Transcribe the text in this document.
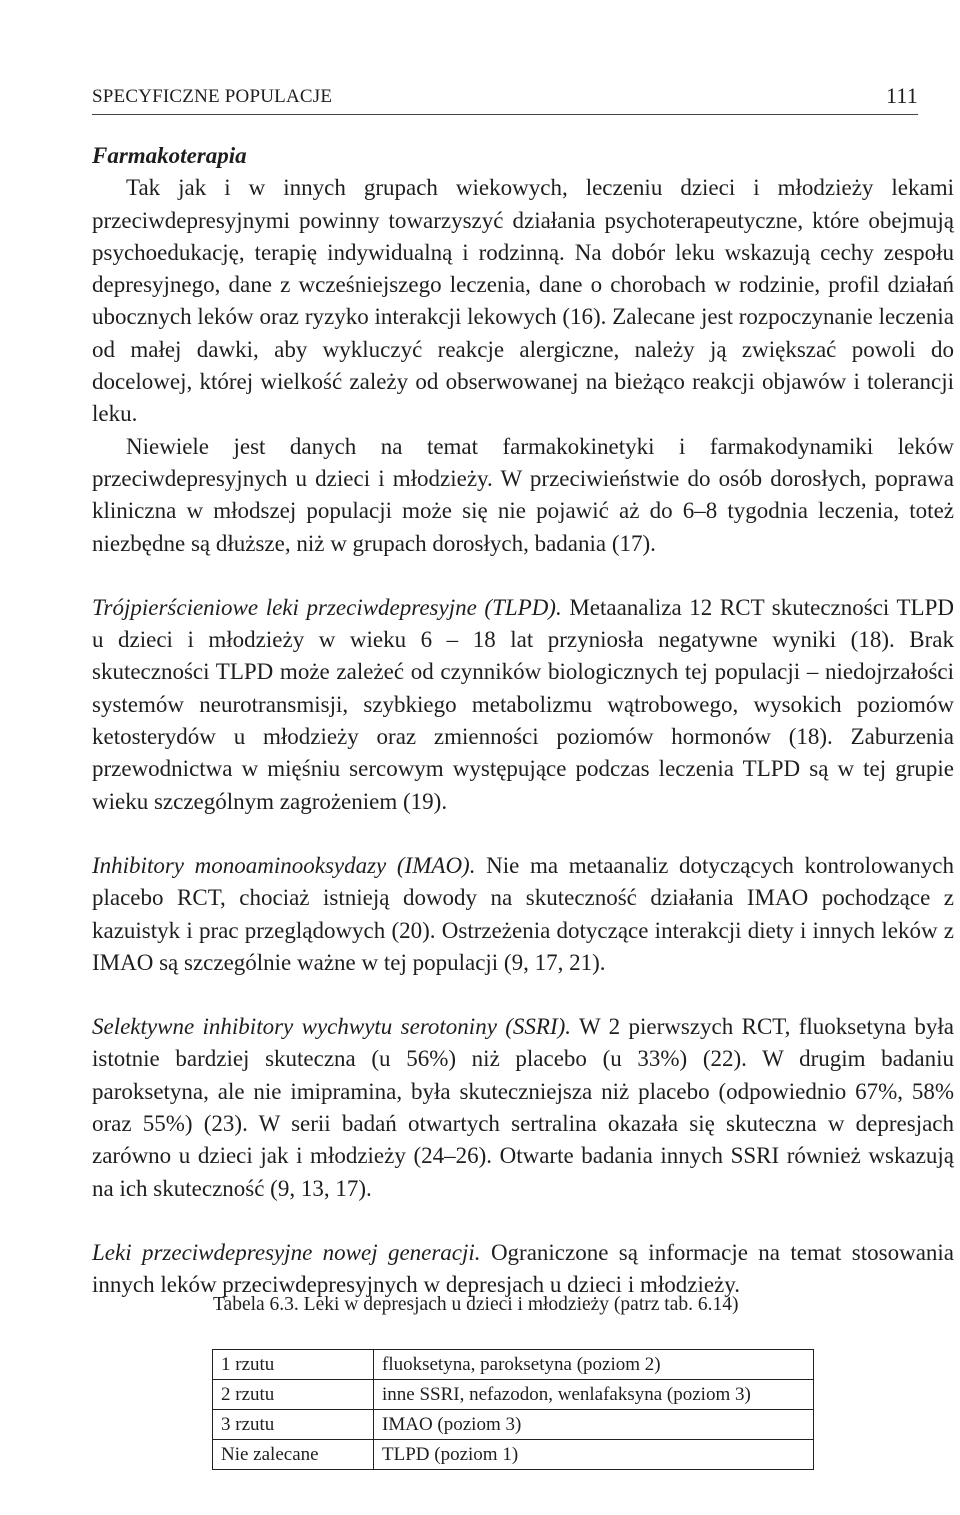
SPECYFICZNE POPULACJE	111

Farmakoterapia

Tak jak i w innych grupach wiekowych, leczeniu dzieci i młodzieży lekami przeciwdepresyjnymi powinny towarzyszyć działania psychoterapeutyczne, które obejmują psychoedukację, terapię indywidualną i rodzinną. Na dobór leku wskazują cechy zespołu depresyjnego, dane z wcześniejszego leczenia, dane o chorobach w rodzinie, profil działań ubocznych leków oraz ryzyko interakcji lekowych (16). Zalecane jest rozpoczynanie leczenia od małej dawki, aby wykluczyć reakcje alergiczne, należy ją zwiększać powoli do docelowej, której wielkość zależy od obserwowanej na bieżąco reakcji objawów i tolerancji leku.

Niewiele jest danych na temat farmakokinetyki i farmakodynamiki leków przeciwdepresyjnych u dzieci i młodzieży. W przeciwieństwie do osób dorosłych, poprawa kliniczna w młodszej populacji może się nie pojawić aż do 6–8 tygodnia leczenia, toteż niezbędne są dłuższe, niż w grupach dorosłych, badania (17).

Trójpierścieniowe leki przeciwdepresyjne (TLPD). Metaanaliza 12 RCT skuteczności TLPD u dzieci i młodzieży w wieku 6 – 18 lat przyniosła negatywne wyniki (18). Brak skuteczności TLPD może zależeć od czynników biologicznych tej populacji – niedojrzałości systemów neurotransmisji, szybkiego metabolizmu wątrobowego, wysokich poziomów ketosterydów u młodzieży oraz zmienności poziomów hormonów (18). Zaburzenia przewodnictwa w mięśniu sercowym występujące podczas leczenia TLPD są w tej grupie wieku szczególnym zagrożeniem (19).

Inhibitory monoaminooksydazy (IMAO). Nie ma metaanaliz dotyczących kontrolowanych placebo RCT, chociaż istnieją dowody na skuteczność działania IMAO pochodzące z kazuistyk i prac przeglądowych (20). Ostrzeżenia dotyczące interakcji diety i innych leków z IMAO są szczególnie ważne w tej populacji (9, 17, 21).

Selektywne inhibitory wychwytu serotoniny (SSRI). W 2 pierwszych RCT, fluoksetyna była istotnie bardziej skuteczna (u 56%) niż placebo (u 33%) (22). W drugim badaniu paroksetyna, ale nie imipramina, była skuteczniejsza niż placebo (odpowiednio 67%, 58% oraz 55%) (23). W serii badań otwartych sertralina okazała się skuteczna w depresjach zarówno u dzieci jak i młodzieży (24–26). Otwarte badania innych SSRI również wskazują na ich skuteczność (9, 13, 17).

Leki przeciwdepresyjne nowej generacji. Ograniczone są informacje na temat stosowania innych leków przeciwdepresyjnych w depresjach u dzieci i młodzieży.

Tabela 6.3. Leki w depresjach u dzieci i młodzieży (patrz tab. 6.14)
1 rzutu	fluoksetyna, paroksetyna (poziom 2)
2 rzutu	inne SSRI, nefazodon, wenlafaksyna (poziom 3)
3 rzutu	IMAO (poziom 3)
Nie zalecane	TLPD (poziom 1)
